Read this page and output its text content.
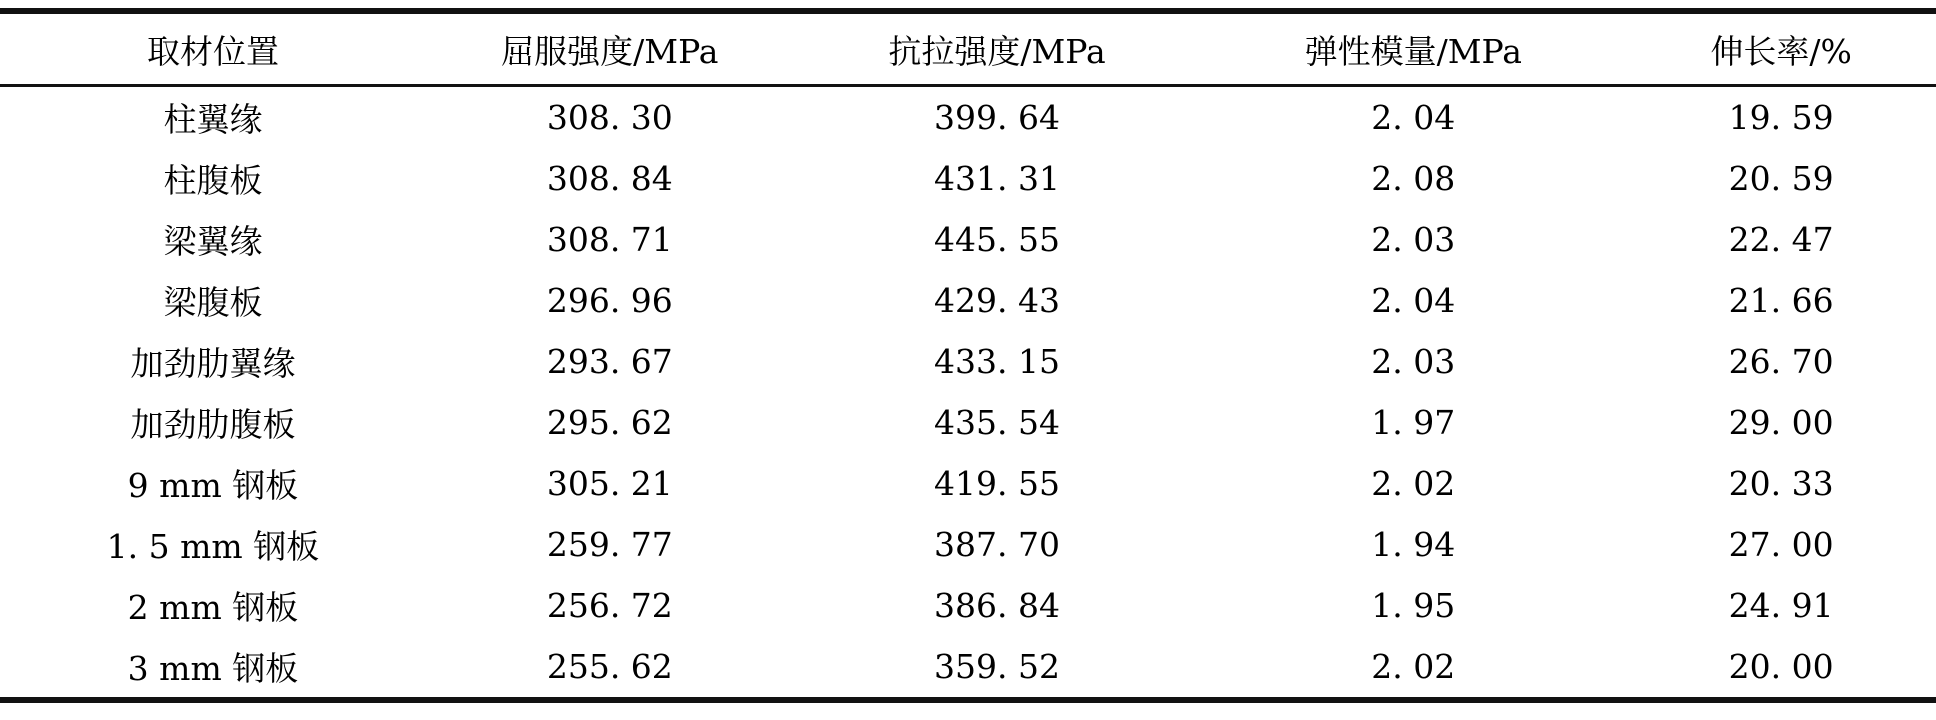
取材位置	屈服强度/MPa	抗拉强度/MPa	弹性模量/MPa	伸长率/%
柱翼缘	308. 30	399. 64	2. 04	19. 59
柱腹板	308. 84	431. 31	2. 08	20. 59
梁翼缘	308. 71	445. 55	2. 03	22. 47
梁腹板	296. 96	429. 43	2. 04	21. 66
加劲肋翼缘	293. 67	433. 15	2. 03	26. 70
加劲肋腹板	295. 62	435. 54	1. 97	29. 00
9 mm 钢板	305. 21	419. 55	2. 02	20. 33
1. 5 mm 钢板	259. 77	387. 70	1. 94	27. 00
2 mm 钢板	256. 72	386. 84	1. 95	24. 91
3 mm 钢板	255. 62	359. 52	2. 02	20. 00
